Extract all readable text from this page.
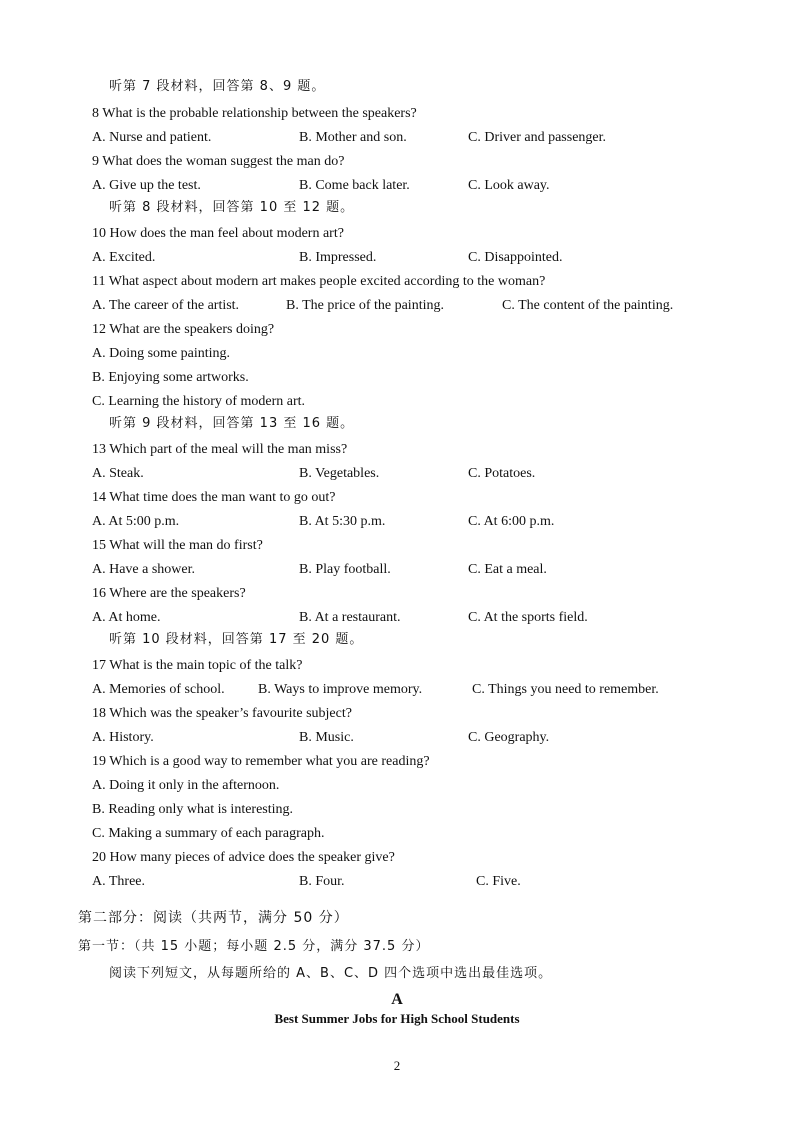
听第 7 段材料，回答第 8、9 题。
8 What is the probable relationship between the speakers?
A. Nurse and patient.	B. Mother and son.	C. Driver and passenger.
9 What does the woman suggest the man do?
A. Give up the test.	B. Come back later.	C. Look away.
听第 8 段材料，回答第 10 至 12 题。
10 How does the man feel about modern art?
A. Excited.	B. Impressed.	C. Disappointed.
11 What aspect about modern art makes people excited according to the woman?
A. The career of the artist.	B. The price of the painting.	C. The content of the painting.
12 What are the speakers doing?
A. Doing some painting.
B. Enjoying some artworks.
C. Learning the history of modern art.
听第 9 段材料，回答第 13 至 16 题。
13 Which part of the meal will the man miss?
A. Steak.	B. Vegetables.	C. Potatoes.
14 What time does the man want to go out?
A. At 5:00 p.m.	B. At 5:30 p.m.	C. At 6:00 p.m.
15 What will the man do first?
A. Have a shower.	B. Play football.	C. Eat a meal.
16 Where are the speakers?
A. At home.	B. At a restaurant.	C. At the sports field.
听第 10 段材料，回答第 17 至 20 题。
17 What is the main topic of the talk?
A. Memories of school. B. Ways to improve memory.	C. Things you need to remember.
18 Which was the speaker’s favourite subject?
A. History.	B. Music.	C. Geography.
19 Which is a good way to remember what you are reading?
A. Doing it only in the afternoon.
B. Reading only what is interesting.
C. Making a summary of each paragraph.
20 How many pieces of advice does the speaker give?
A. Three.	B. Four.	C. Five.
第二部分：阅读（共两节，满分 50 分）
第一节：（共 15 小题；每小题 2.5 分，满分 37.5 分）
阅读下列短文，从每题所给的 A、B、C、D 四个选项中选出最佳选项。
A
Best Summer Jobs for High School Students
2
